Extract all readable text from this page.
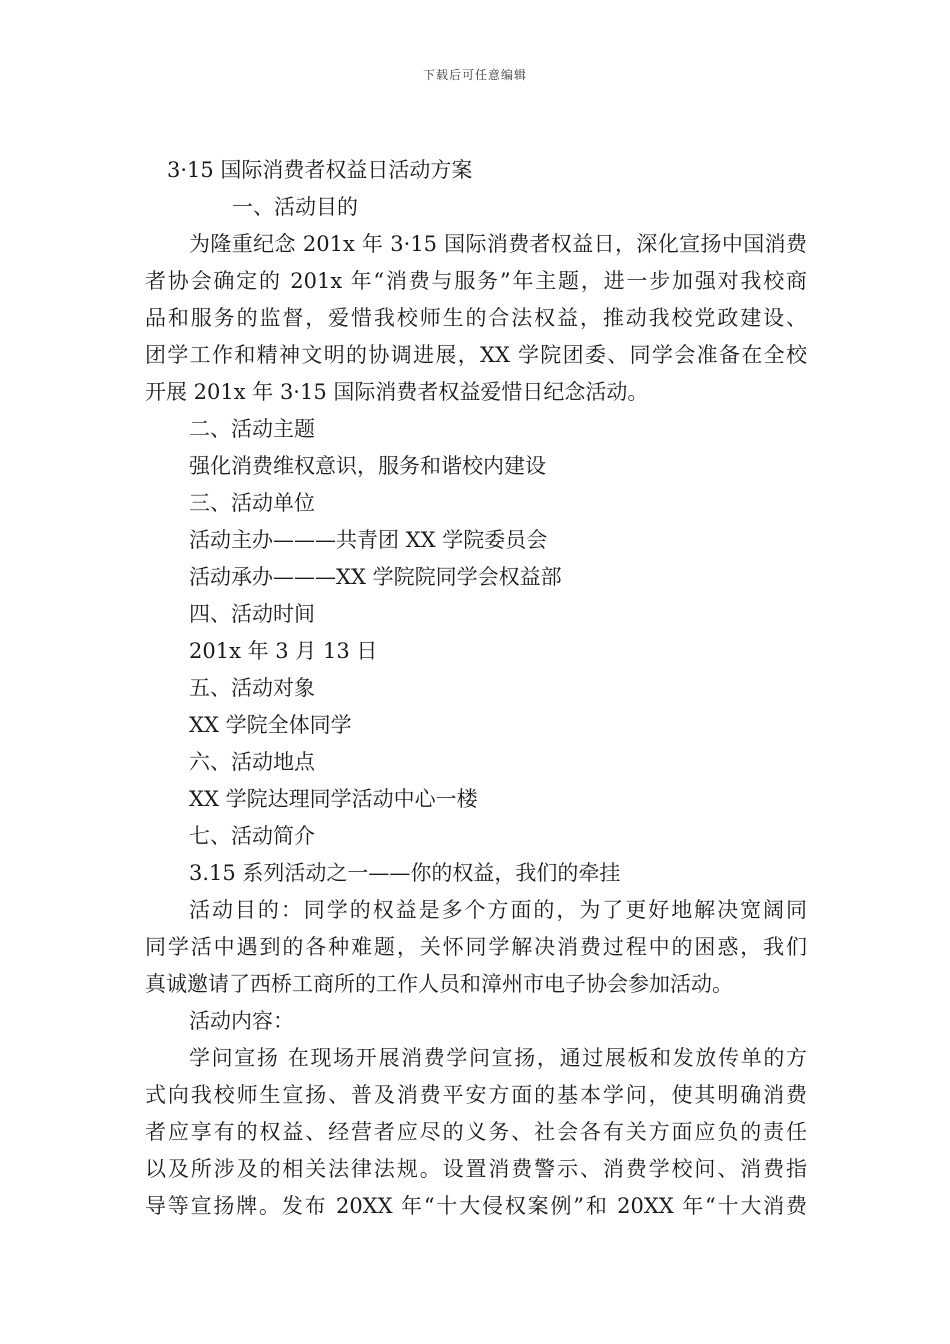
下载后可任意编辑
3·15 国际消费者权益日活动方案
一、活动目的
为隆重纪念 201x 年 3·15 国际消费者权益日，深化宣扬中国消费
者协会确定的 201x 年“消费与服务”年主题，进一步加强对我校商
品和服务的监督，爱惜我校师生的合法权益，推动我校党政建设、
团学工作和精神文明的协调进展，XX 学院团委、同学会准备在全校
开展 201x 年 3·15 国际消费者权益爱惜日纪念活动。
二、活动主题
强化消费维权意识，服务和谐校内建设
三、活动单位
活动主办———共青团 XX 学院委员会
活动承办———XX 学院院同学会权益部
四、活动时间
201x 年 3 月 13 日
五、活动对象
XX 学院全体同学
六、活动地点
XX 学院达理同学活动中心一楼
七、活动简介
3.15 系列活动之一——你的权益，我们的牵挂
活动目的：同学的权益是多个方面的，为了更好地解决宽阔同
同学活中遇到的各种难题，关怀同学解决消费过程中的困惑，我们
真诚邀请了西桥工商所的工作人员和漳州市电子协会参加活动。
活动内容：
学问宣扬 在现场开展消费学问宣扬，通过展板和发放传单的方
式向我校师生宣扬、普及消费平安方面的基本学问，使其明确消费
者应享有的权益、经营者应尽的义务、社会各有关方面应负的责任
以及所涉及的相关法律法规。设置消费警示、消费学校问、消费指
导等宣扬牌。发布 20XX 年“十大侵权案例”和 20XX 年“十大消费
